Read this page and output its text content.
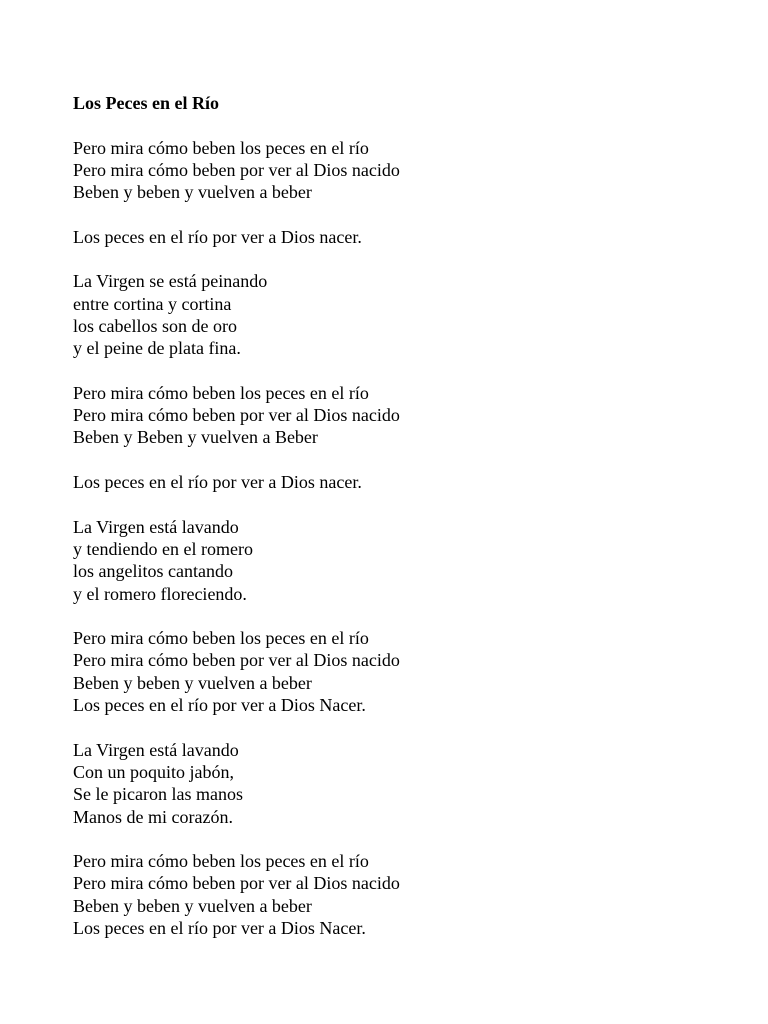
Los Peces en el Río
Pero mira cómo beben los peces en el río
Pero mira cómo beben por ver al Dios nacido
Beben y beben y vuelven a beber
Los peces en el río por ver a Dios nacer.
La Virgen se está peinando
entre cortina y cortina
los cabellos son de oro
y el peine de plata fina.
Pero mira cómo beben los peces en el río
Pero mira cómo beben por ver al Dios nacido
Beben y Beben y vuelven a Beber
Los peces en el río por ver a Dios nacer.
La Virgen está lavando
y tendiendo en el romero
los angelitos cantando
y el romero floreciendo.
Pero mira cómo beben los peces en el río
Pero mira cómo beben por ver al Dios nacido
Beben y beben y vuelven a beber
Los peces en el río por ver a Dios Nacer.
La Virgen está lavando
Con un poquito jabón,
Se le picaron las manos
Manos de mi corazón.
Pero mira cómo beben los peces en el río
Pero mira cómo beben por ver al Dios nacido
Beben y beben y vuelven a beber
Los peces en el río por ver a Dios Nacer.
